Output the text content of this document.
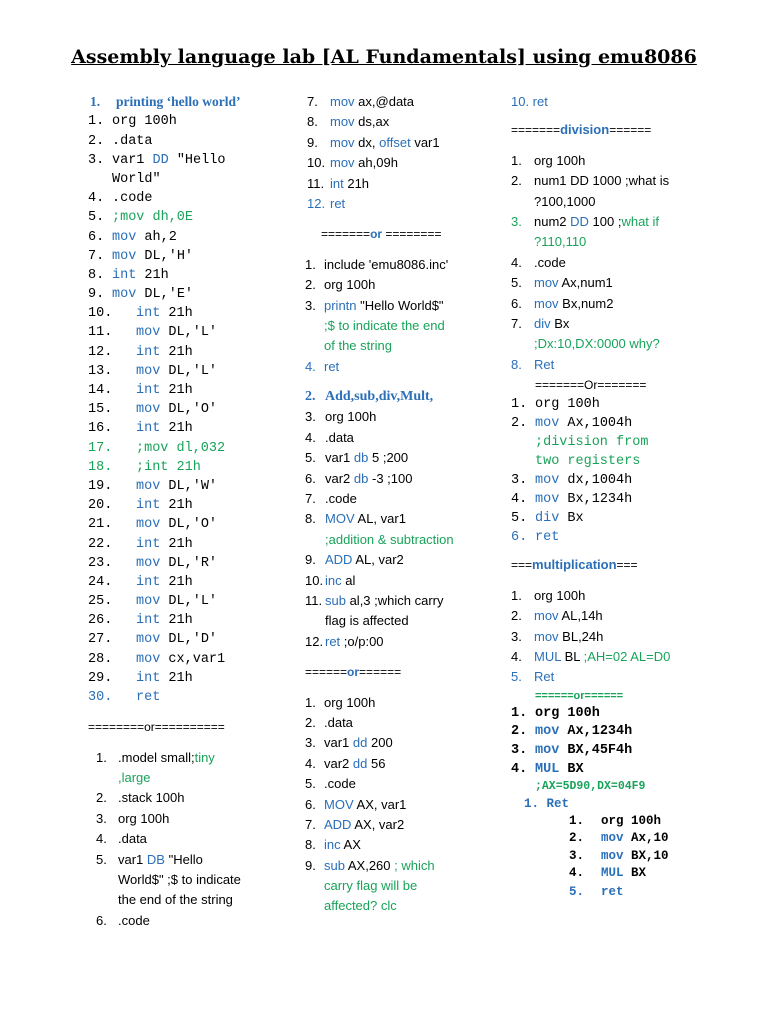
Assembly language lab [AL Fundamentals] using emu8086
1. printing ‘hello world’
1. org 100h
2. .data
3. var1 DD "Hello
World"
4. .code
5. ;mov dh,0E
6. mov ah,2
7. mov DL,'H'
8. int 21h
9. mov DL,'E'
10. int 21h
11. mov DL,'L'
12. int 21h
13. mov DL,'L'
14. int 21h
15. mov DL,'O'
16. int 21h
17. ;mov dl,032
18. ;int 21h
19. mov DL,'W'
20. int 21h
21. mov DL,'O'
22. int 21h
23. mov DL,'R'
24. int 21h
25. mov DL,'L'
26. int 21h
27. mov DL,'D'
28. mov cx,var1
29. int 21h
30. ret
========or==========
1. .model small;tiny
,large
2. .stack 100h
3. org 100h
4. .data
5. var1 DB "Hello
World$" ;$ to indicate
the end of the string
6. .code
7. mov ax,@data
8. mov ds,ax
9. mov dx, offset var1
10. mov ah,09h
11. int 21h
12. ret
=======or ========
1. include 'emu8086.inc'
2. org 100h
3. printn "Hello World$"
;$ to indicate the end
of the string
4. ret
2. Add,sub,div,Mult,
3. org 100h
4. .data
5. var1 db 5 ;200
6. var2 db -3 ;100
7. .code
8. MOV AL, var1
;addition & subtraction
9. ADD AL, var2
10. inc al
11. sub al,3 ;which carry
flag is affected
12. ret ;o/p:00
======or======
1. org 100h
2. .data
3. var1 dd 200
4. var2 dd 56
5. .code
6. MOV AX, var1
7. ADD AX, var2
8. inc AX
9. sub AX,260 ; which
carry flag will be
affected? clc
10. ret
=======division======
1. org 100h
2. num1 DD 1000 ;what is
?100,1000
3. num2 DD 100 ;what if
?110,110
4. .code
5. mov Ax,num1
6. mov Bx,num2
7. div Bx
;Dx:10,DX:0000 why?
8. Ret
=======Or=======
1. org 100h
2. mov Ax,1004h
;division from
two registers
3. mov dx,1004h
4. mov Bx,1234h
5. div Bx
6. ret
===multiplication===
1. org 100h
2. mov AL,14h
3. mov BL,24h
4. MUL BL ;AH=02 AL=D0
5. Ret
======or======
1. org 100h
2. mov Ax,1234h
3. mov BX,45F4h
4. MUL BX
;AX=5D90,DX=04F9
1. Ret
1. org 100h
2. mov Ax,10
3. mov BX,10
4. MUL BX
5. ret
